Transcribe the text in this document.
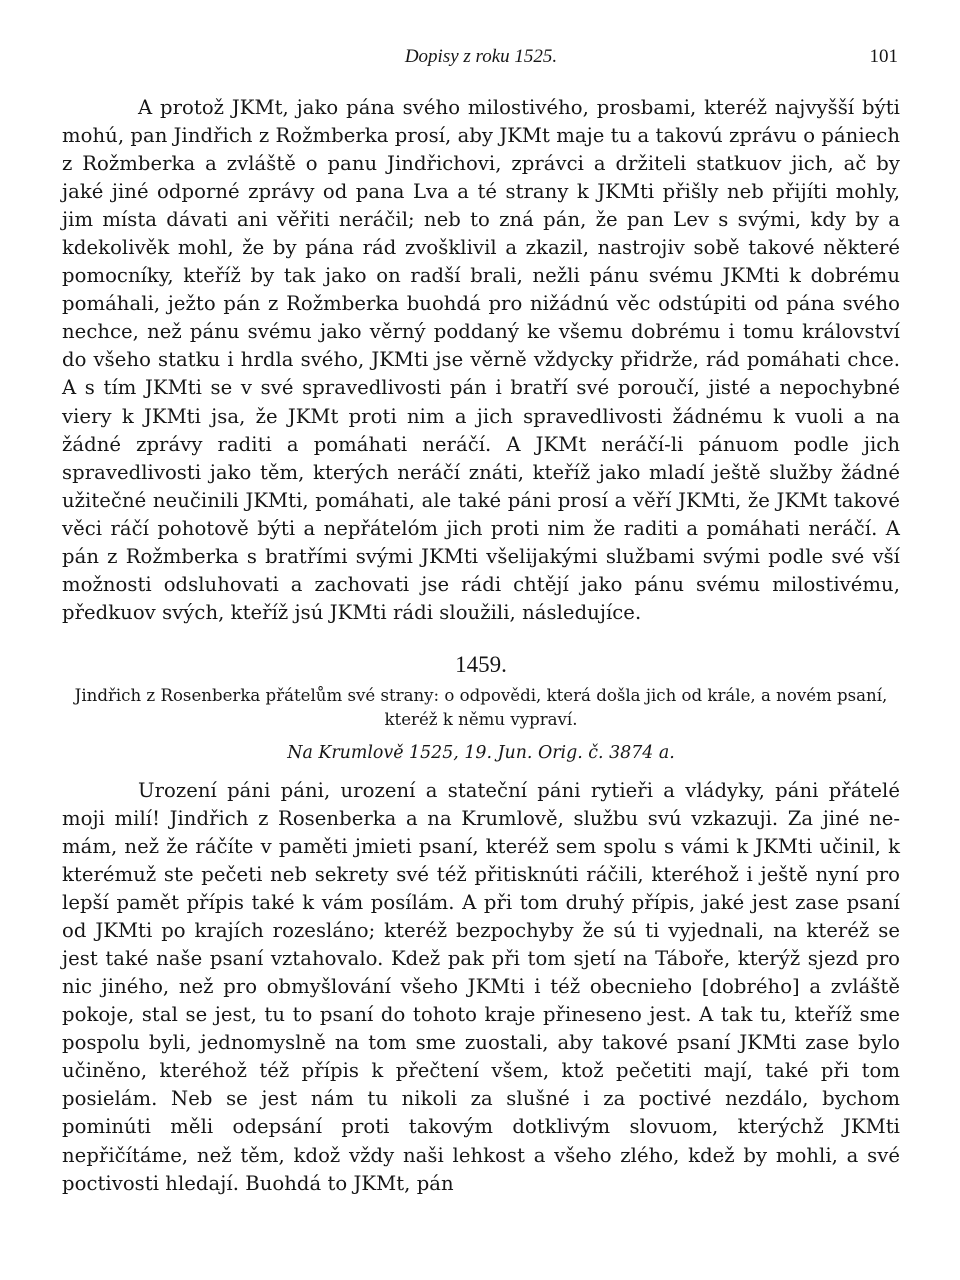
Dopisy z roku 1525.	101

A protož JKMt, jako pána svého milostivého, prosbami, kteréž najvyšší býti mohú, pan Jindřich z Rožmberka prosí, aby JKMt maje tu a takovú zprávu o pániech z Rožmberka a zvláště o panu Jindřichovi, zprávci a držiteli statkuov jich, ač by jaké jiné odporné zprávy od pana Lva a té strany k JKMti přišly neb přijíti mohly, jim místa dávati ani věřiti neráčil; neb to zná pán, že pan Lev s svými, kdy by a kdekolivěk mohl, že by pána rád zvošklivil a zkazil, nastrojiv sobě takové některé pomocníky, kteříž by tak jako on radší brali, nežli pánu svému JKMti k dobrému pomáhali, ježto pán z Rožmberka buohdá pro nižádnú věc odstúpiti od pána svého nechce, než pánu svému jako věrný poddaný ke všemu dobrému i tomu království do všeho statku i hrdla svého, JKMti jse věrně vždycky přidrže, rád pomáhati chce. A s tím JKMti se v své spravedlivosti pán i bratří své poroučí, jisté a nepochybné viery k JKMti jsa, že JKMt proti nim a jich spravedlivosti žádnému k vuoli a na žádné zprávy raditi a pomáhati neráčí. A JKMt neráčí-li pánuom podle jich spravedlivosti jako těm, kterých neráčí znáti, kteříž jako mladí ještě služby žádné užitečné neučinili JKMti, pomáhati, ale také páni prosí a věří JKMti, že JKMt takové věci ráčí pohotově býti a nepřátelóm jich proti nim že raditi a pomáhati neráčí. A pán z Rožmberka s bratřími svými JKMti všelijakými službami svými podle své vší možnosti odsluhovati a zachovati jse rádi chtějí jako pánu svému milostivému, předkuov svých, kteříž jsú JKMti rádi sloužili, následujíce.

1459.

Jindřich z Rosenberka přátelům své strany: o odpovědi, která došla jich od krále, a novém psaní, kteréž k němu vypraví.

Na Krumlově 1525, 19. Jun. Orig. č. 3874 a.

Urození páni páni, urození a stateční páni rytieři a vládyky, páni přátelé moji milí! Jindřich z Rosenberka a na Krumlově, službu svú vzkazuji. Za jiné nemám, než že ráčíte v paměti jmieti psaní, kteréž sem spolu s vámi k JKMti učinil, k kterémuž ste pečeti neb sekrety své též přitisknúti ráčili, kteréhož i ještě nyní pro lepší pamět přípis také k vám posílám. A při tom druhý přípis, jaké jest zase psaní od JKMti po krajích rozesláno; kteréž bezpochyby že sú ti vyjednali, na kteréž se jest také naše psaní vztahovalo. Kdež pak při tom sjetí na Táboře, kterýž sjezd pro nic jiného, než pro obmyšlování všeho JKMti i též obecnieho [dobrého] a zvláště pokoje, stal se jest, tu to psaní do tohoto kraje přineseno jest. A tak tu, kteříž sme pospolu byli, jednomyslně na tom sme zuostali, aby takové psaní JKMti zase bylo učiněno, kteréhož též přípis k přečtení všem, ktož pečetiti mají, také při tom posielám. Neb se jest nám tu nikoli za slušné i za poctivé nezdálo, bychom pominúti měli odepsání proti takovým dotklivým slovuom, kterýchž JKMti nepřičítáme, než těm, kdož vždy naši lehkost a všeho zlého, kdež by mohli, a své poctivosti hledají. Buohdá to JKMt, pán
